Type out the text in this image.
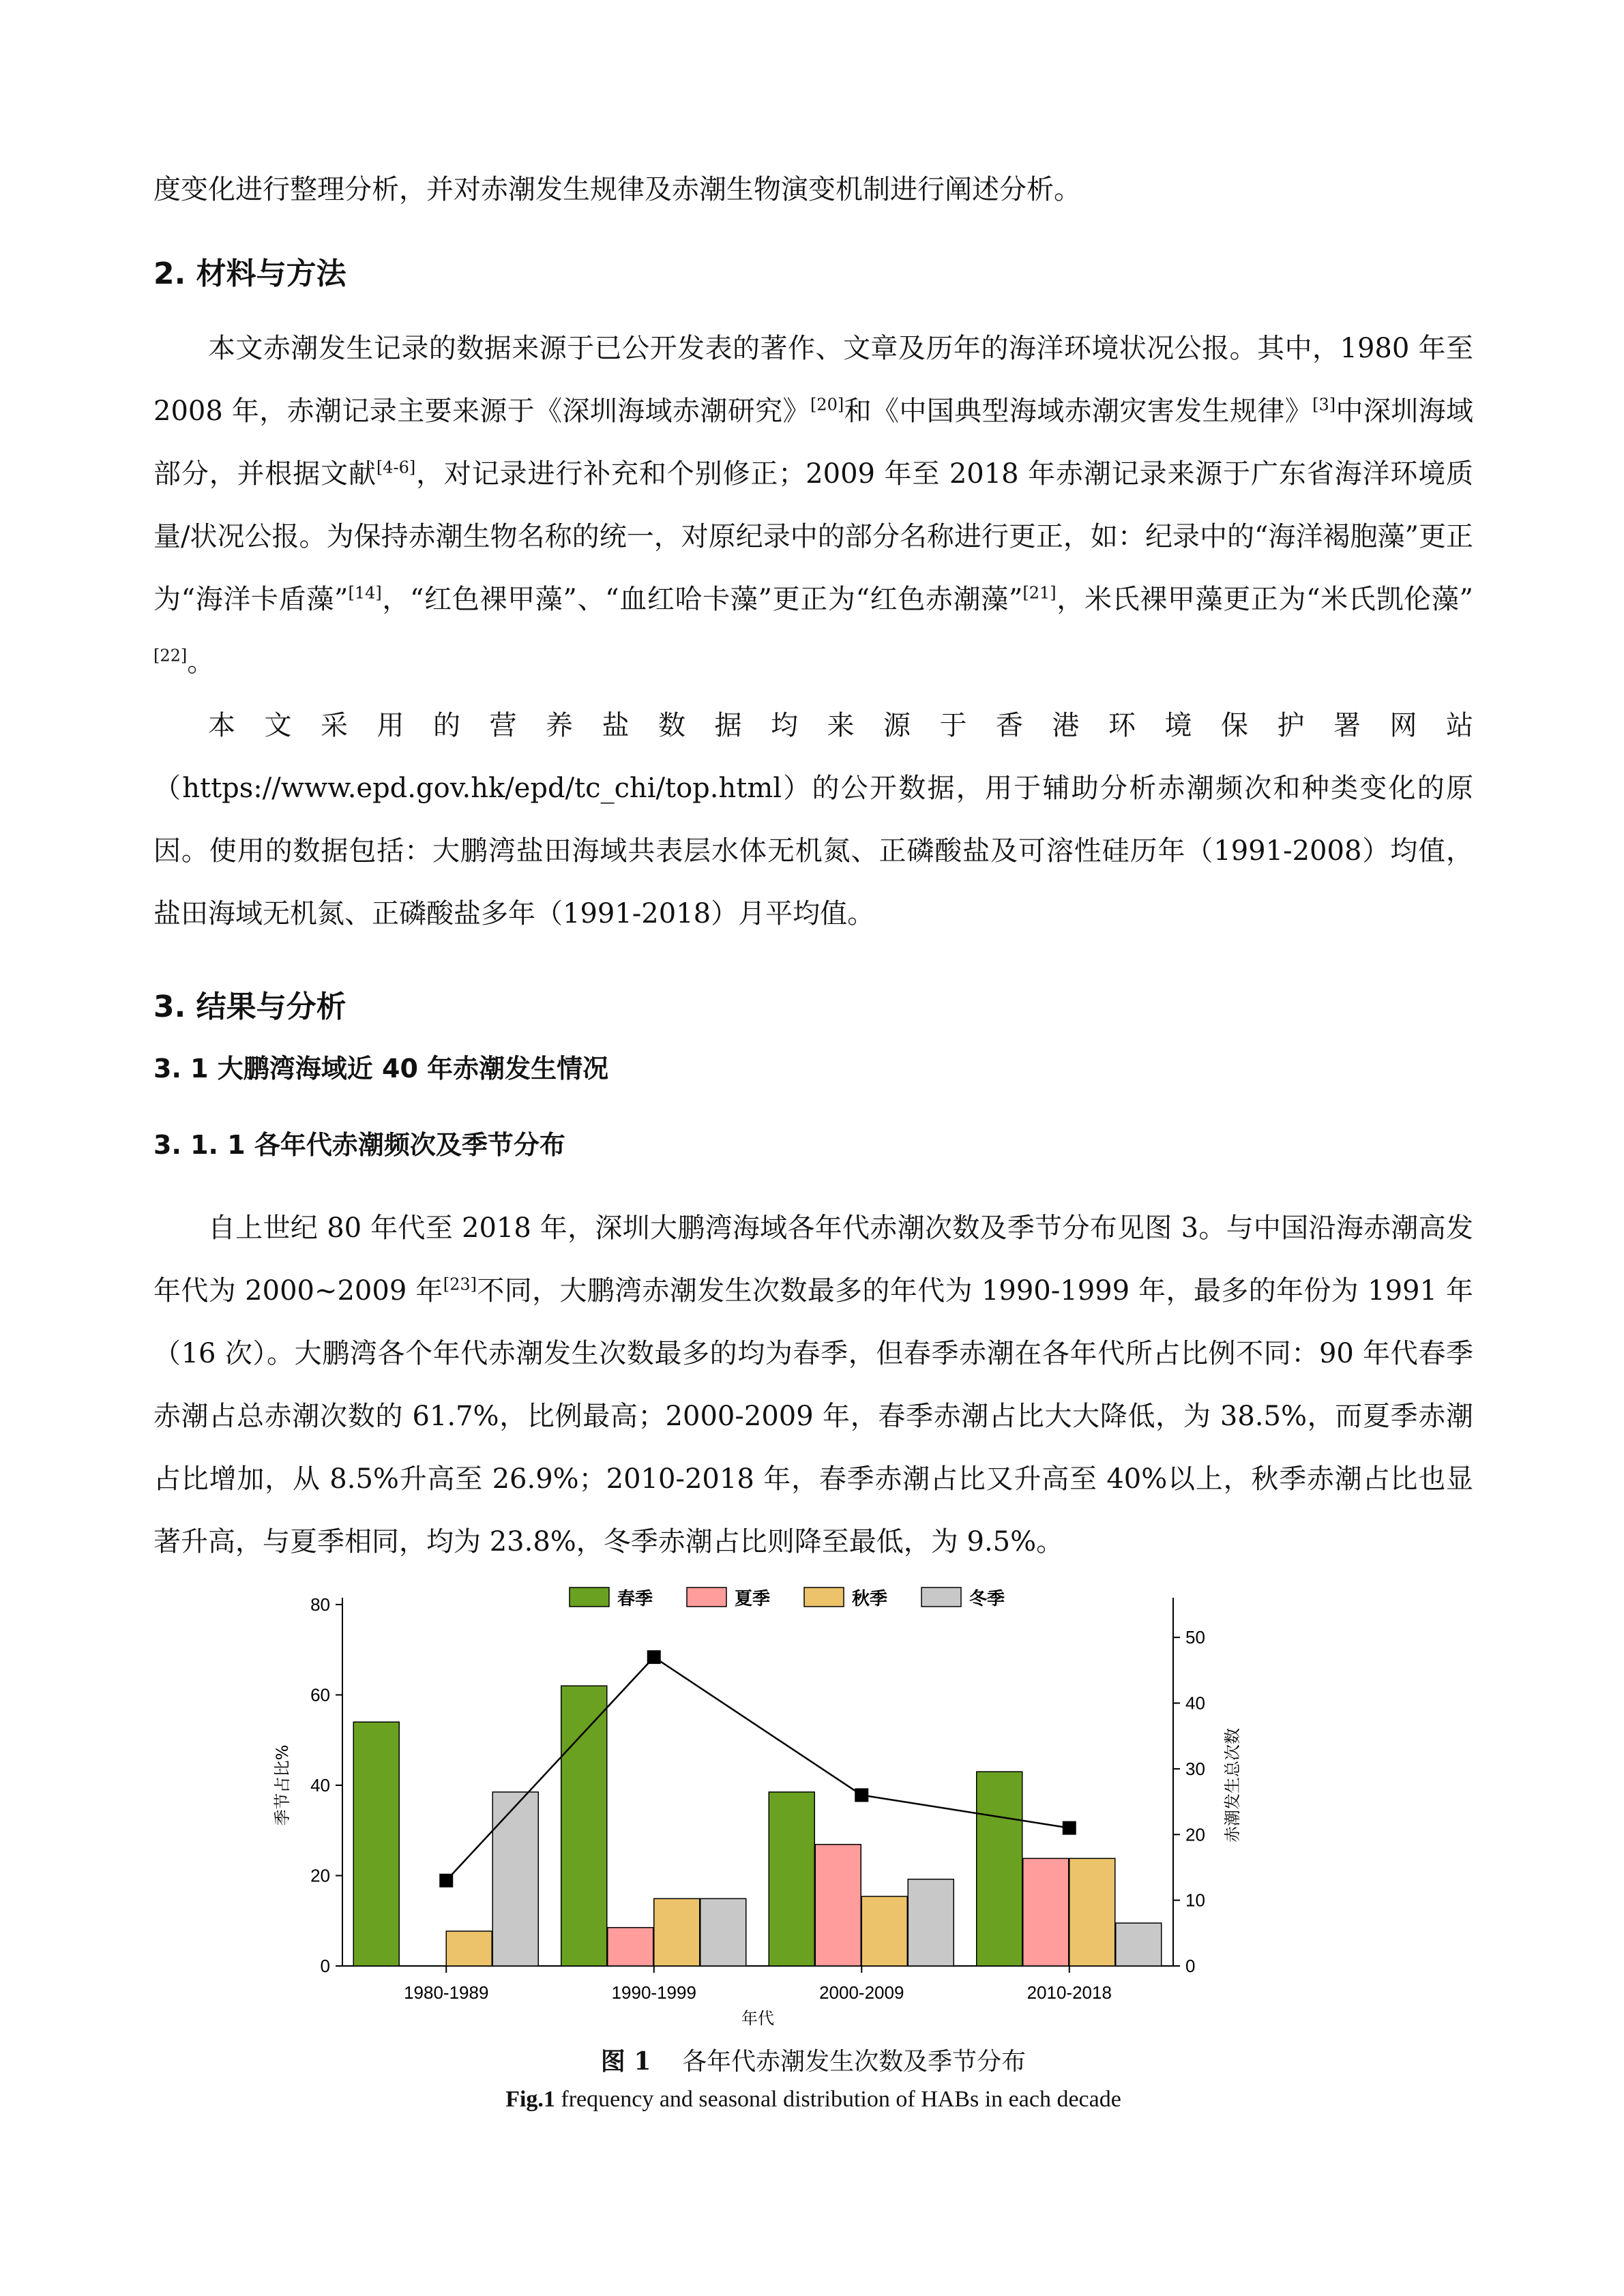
度变化进行整理分析，并对赤潮发生规律及赤潮生物演变机制进行阐述分析。

2. 材料与方法

本文赤潮发生记录的数据来源于已公开发表的著作、文章及历年的海洋环境状况公报。其中，1980 年至 2008 年，赤潮记录主要来源于《深圳海域赤潮研究》[20]和《中国典型海域赤潮灾害发生规律》[3]中深圳海域部分，并根据文献[4-6]，对记录进行补充和个别修正；2009 年至 2018 年赤潮记录来源于广东省海洋环境质量/状况公报。为保持赤潮生物名称的统一，对原纪录中的部分名称进行更正，如：纪录中的“海洋褐胞藻”更正为“海洋卡盾藻”[14]，“红色裸甲藻”、“血红哈卡藻”更正为“红色赤潮藻”[21]，米氏裸甲藻更正为“米氏凯伦藻” [22]。

本文采用的营养盐数据均来源于香港环境保护署网站（https://www.epd.gov.hk/epd/tc_chi/top.html）的公开数据，用于辅助分析赤潮频次和种类变化的原因。使用的数据包括：大鹏湾盐田海域共表层水体无机氮、正磷酸盐及可溶性硅历年（1991-2008）均值，盐田海域无机氮、正磷酸盐多年（1991-2018）月平均值。

3. 结果与分析
3. 1 大鹏湾海域近 40 年赤潮发生情况
3. 1. 1 各年代赤潮频次及季节分布

自上世纪 80 年代至 2018 年，深圳大鹏湾海域各年代赤潮次数及季节分布见图 3。与中国沿海赤潮高发年代为 2000~2009 年[23]不同，大鹏湾赤潮发生次数最多的年代为 1990-1999 年，最多的年份为 1991 年（16 次）。大鹏湾各个年代赤潮发生次数最多的均为春季，但春季赤潮在各年代所占比例不同：90 年代春季赤潮占总赤潮次数的 61.7%，比例最高；2000-2009 年，春季赤潮占比大大降低，为 38.5%，而夏季赤潮占比增加，从 8.5%升高至 26.9%；2010-2018 年，春季赤潮占比又升高至 40%以上，秋季赤潮占比也显著升高，与夏季相同，均为 23.8%，冬季赤潮占比则降至最低，为 9.5%。

图 1 各年代赤潮发生次数及季节分布
Fig.1 frequency and seasonal distribution of HABs in each decade
0
20
40
60
80
0
10
20
30
40
50
季节占比%	赤潮发生总次数
年代
1980-1989	1990-1999	2000-2009	2010-2018
春季	夏季	秋季	冬季
